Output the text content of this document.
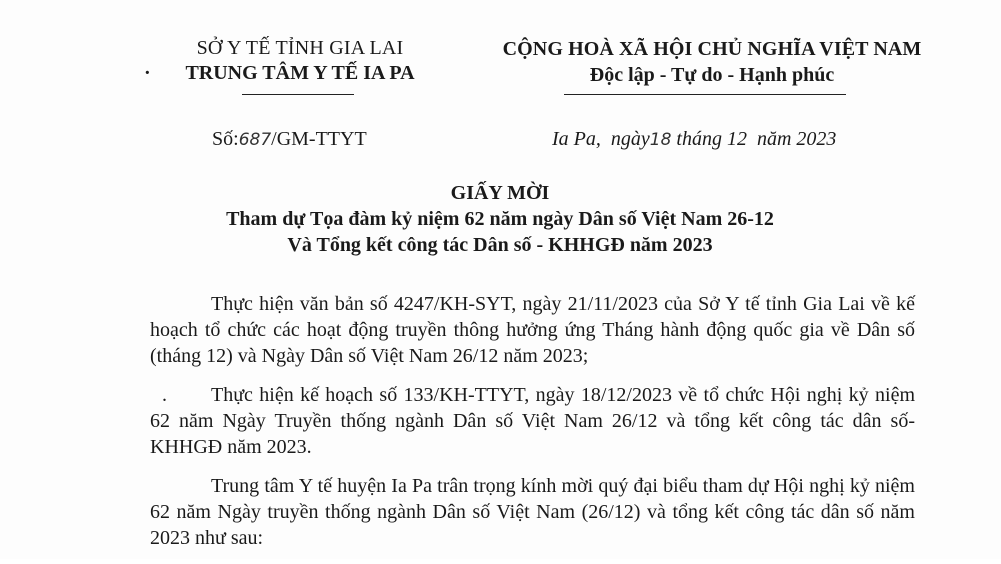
SỞ Y TẾ TỈNH GIA LAI
· TRUNG TÂM Y TẾ IA PA
CỘNG HOÀ XÃ HỘI CHỦ NGHĨA VIỆT NAM
Độc lập - Tự do - Hạnh phúc
Số:687/GM-TTYT	Ia Pa,  ngày18 tháng 12  năm 2023
GIẤY MỜI
Tham dự Tọa đàm kỷ niệm 62 năm ngày Dân số Việt Nam 26-12
Và Tổng kết công tác Dân số - KHHGĐ năm 2023

Thực hiện văn bản số 4247/KH-SYT, ngày 21/11/2023 của Sở Y tế tỉnh Gia Lai về kế hoạch tổ chức các hoạt động truyền thông hưởng ứng Tháng hành động quốc gia về Dân số (tháng 12) và Ngày Dân số Việt Nam 26/12 năm 2023;

. Thực hiện kế hoạch số 133/KH-TTYT, ngày 18/12/2023 về tổ chức Hội nghị kỷ niệm 62 năm Ngày Truyền thống ngành Dân số Việt Nam 26/12 và tổng kết công tác dân số-KHHGĐ năm 2023.

Trung tâm Y tế huyện Ia Pa trân trọng kính mời quý đại biểu tham dự Hội nghị kỷ niệm 62 năm Ngày truyền thống ngành Dân số Việt Nam (26/12) và tổng kết công tác dân số năm 2023 như sau:
